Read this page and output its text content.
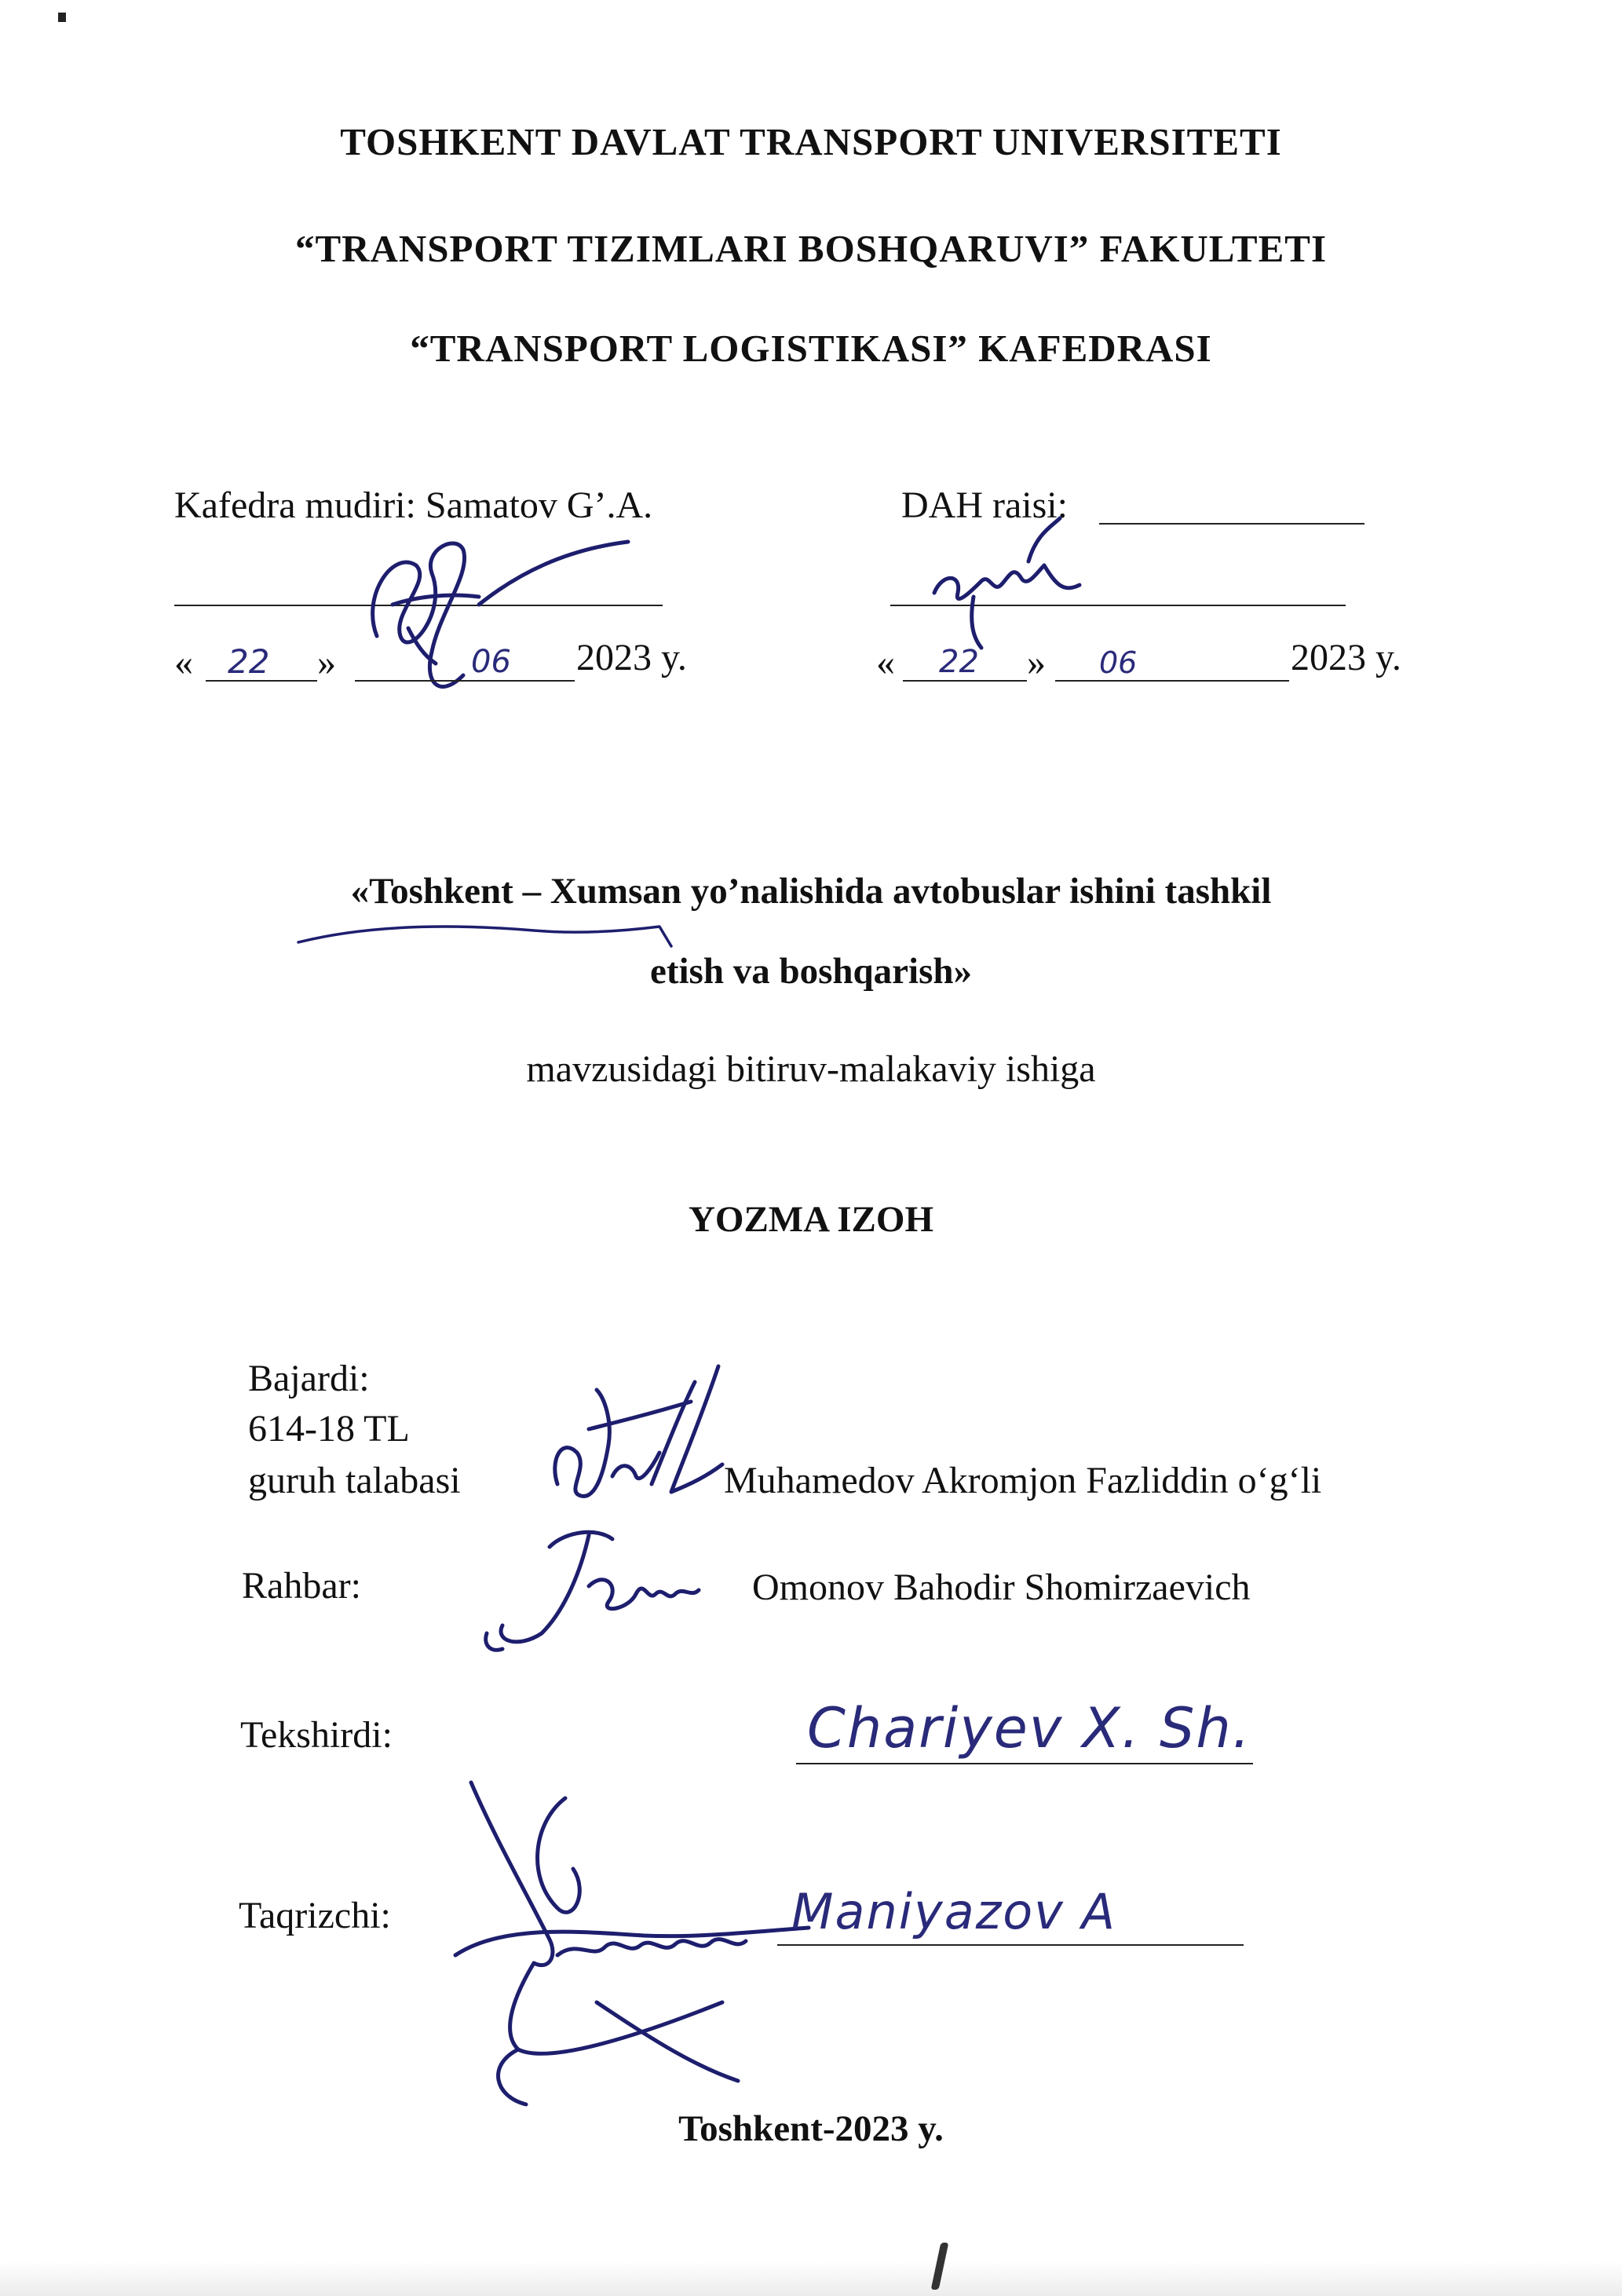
TOSHKENT DAVLAT TRANSPORT UNIVERSITETI
“TRANSPORT TIZIMLARI BOSHQARUVI” FAKULTETI
“TRANSPORT LOGISTIKASI” KAFEDRASI
Kafedra mudiri: Samatov G’.A.
« 22 »	06 2023 y.
DAH raisi:
« 22 » 06	2023 y.
«Toshkent – Xumsan yo’nalishida avtobuslar ishini tashkil
etish va boshqarish»
mavzusidagi bitiruv-malakaviy ishiga
YOZMA IZOH
Bajardi:
614-18 TL
guruh talabasi	Muhamedov Akromjon Fazliddin o‘g‘li
Rahbar:	Omonov Bahodir Shomirzaevich
Tekshirdi:	Chariyev X. Sh.
Taqrizchi:	Maniyazov A
Toshkent-2023 y.
